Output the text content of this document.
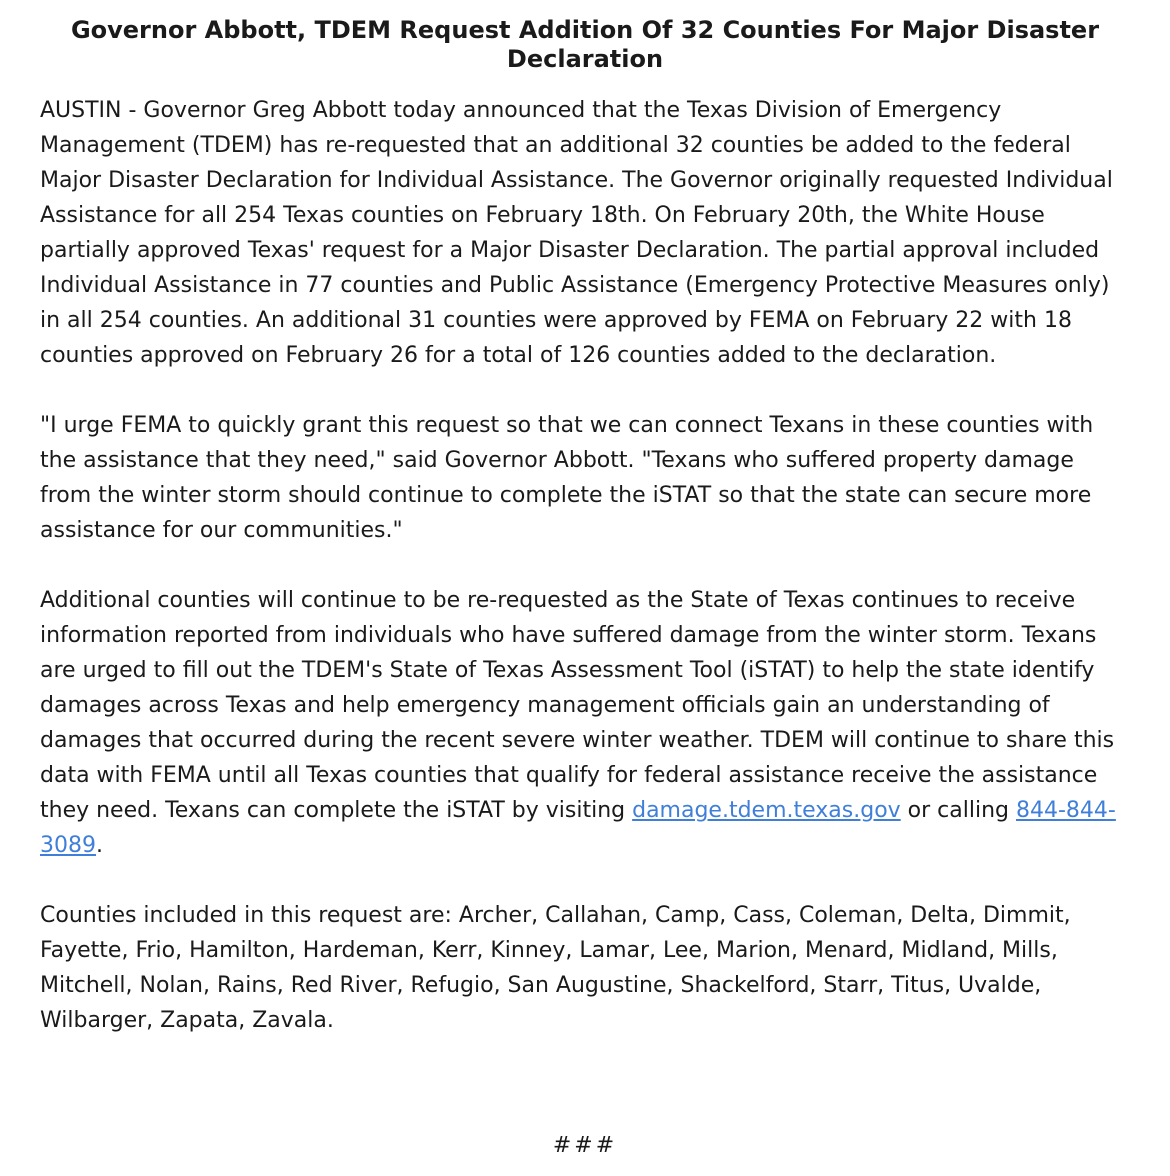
Governor Abbott, TDEM Request Addition Of 32 Counties For Major Disaster Declaration

AUSTIN - Governor Greg Abbott today announced that the Texas Division of Emergency Management (TDEM) has re-requested that an additional 32 counties be added to the federal Major Disaster Declaration for Individual Assistance. The Governor originally requested Individual Assistance for all 254 Texas counties on February 18th. On February 20th, the White House partially approved Texas' request for a Major Disaster Declaration. The partial approval included Individual Assistance in 77 counties and Public Assistance (Emergency Protective Measures only) in all 254 counties. An additional 31 counties were approved by FEMA on February 22 with 18 counties approved on February 26 for a total of 126 counties added to the declaration.

"I urge FEMA to quickly grant this request so that we can connect Texans in these counties with the assistance that they need," said Governor Abbott. "Texans who suffered property damage from the winter storm should continue to complete the iSTAT so that the state can secure more assistance for our communities."

Additional counties will continue to be re-requested as the State of Texas continues to receive information reported from individuals who have suffered damage from the winter storm. Texans are urged to fill out the TDEM's State of Texas Assessment Tool (iSTAT) to help the state identify damages across Texas and help emergency management officials gain an understanding of damages that occurred during the recent severe winter weather. TDEM will continue to share this data with FEMA until all Texas counties that qualify for federal assistance receive the assistance they need. Texans can complete the iSTAT by visiting damage.tdem.texas.gov or calling 844-844-3089.

Counties included in this request are: Archer, Callahan, Camp, Cass, Coleman, Delta, Dimmit, Fayette, Frio, Hamilton, Hardeman, Kerr, Kinney, Lamar, Lee, Marion, Menard, Midland, Mills, Mitchell, Nolan, Rains, Red River, Refugio, San Augustine, Shackelford, Starr, Titus, Uvalde, Wilbarger, Zapata, Zavala.

###
